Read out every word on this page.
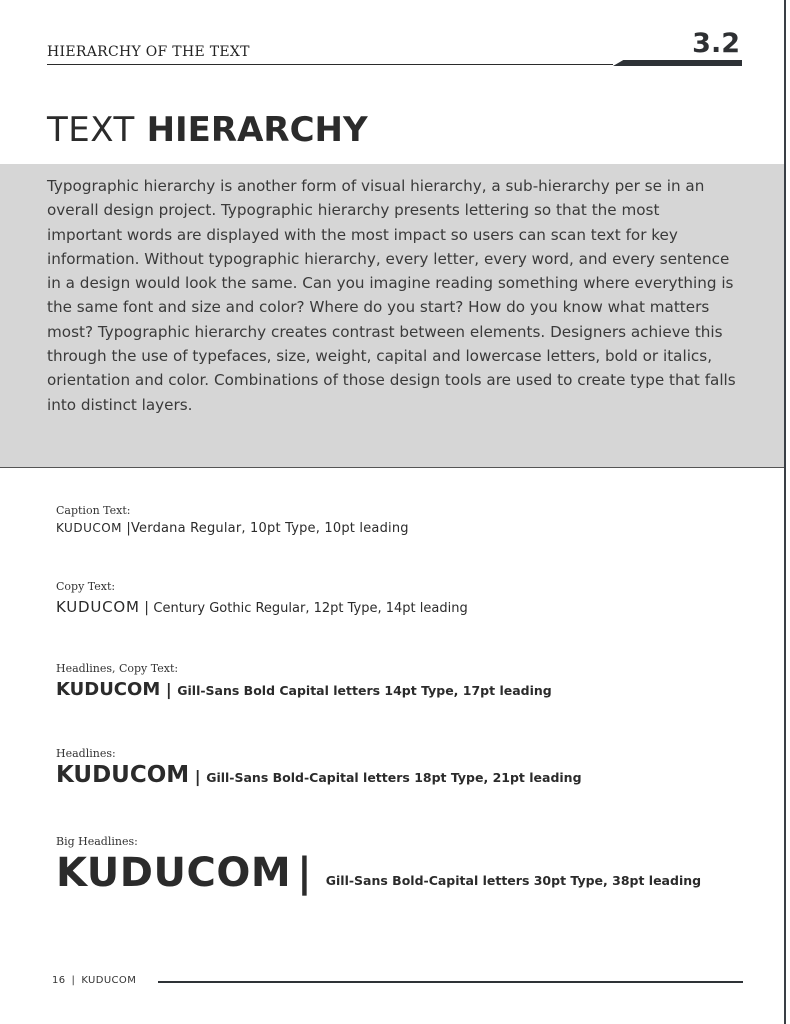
HIERARCHY OF THE TEXT	3.2
TEXT HIERARCHY

Typographic hierarchy is another form of visual hierarchy, a sub-hierarchy per se in an overall design project. Typographic hierarchy presents lettering so that the most important words are displayed with the most impact so users can scan text for key information. Without typographic hierarchy, every letter, every word, and every sentence in a design would look the same. Can you imagine reading something where everything is the same font and size and color? Where do you start? How do you know what matters most? Typographic hierarchy creates contrast between elements. Designers achieve this through the use of typefaces, size, weight, capital and lowercase letters, bold or italics, orientation and color. Combinations of those design tools are used to create type that falls into distinct layers.

Caption Text:
KUDUCOM |Verdana Regular, 10pt Type, 10pt leading
Copy Text:
KUDUCOM | Century Gothic Regular, 12pt Type, 14pt leading
Headlines, Copy Text:
KUDUCOM | Gill-Sans Bold Capital letters 14pt Type, 17pt leading
Headlines:
KUDUCOM | Gill-Sans Bold-Capital letters 18pt Type, 21pt leading
Big Headlines:
KUDUCOM | Gill-Sans Bold-Capital letters 30pt Type, 38pt leading
16 | KUDUCOM
